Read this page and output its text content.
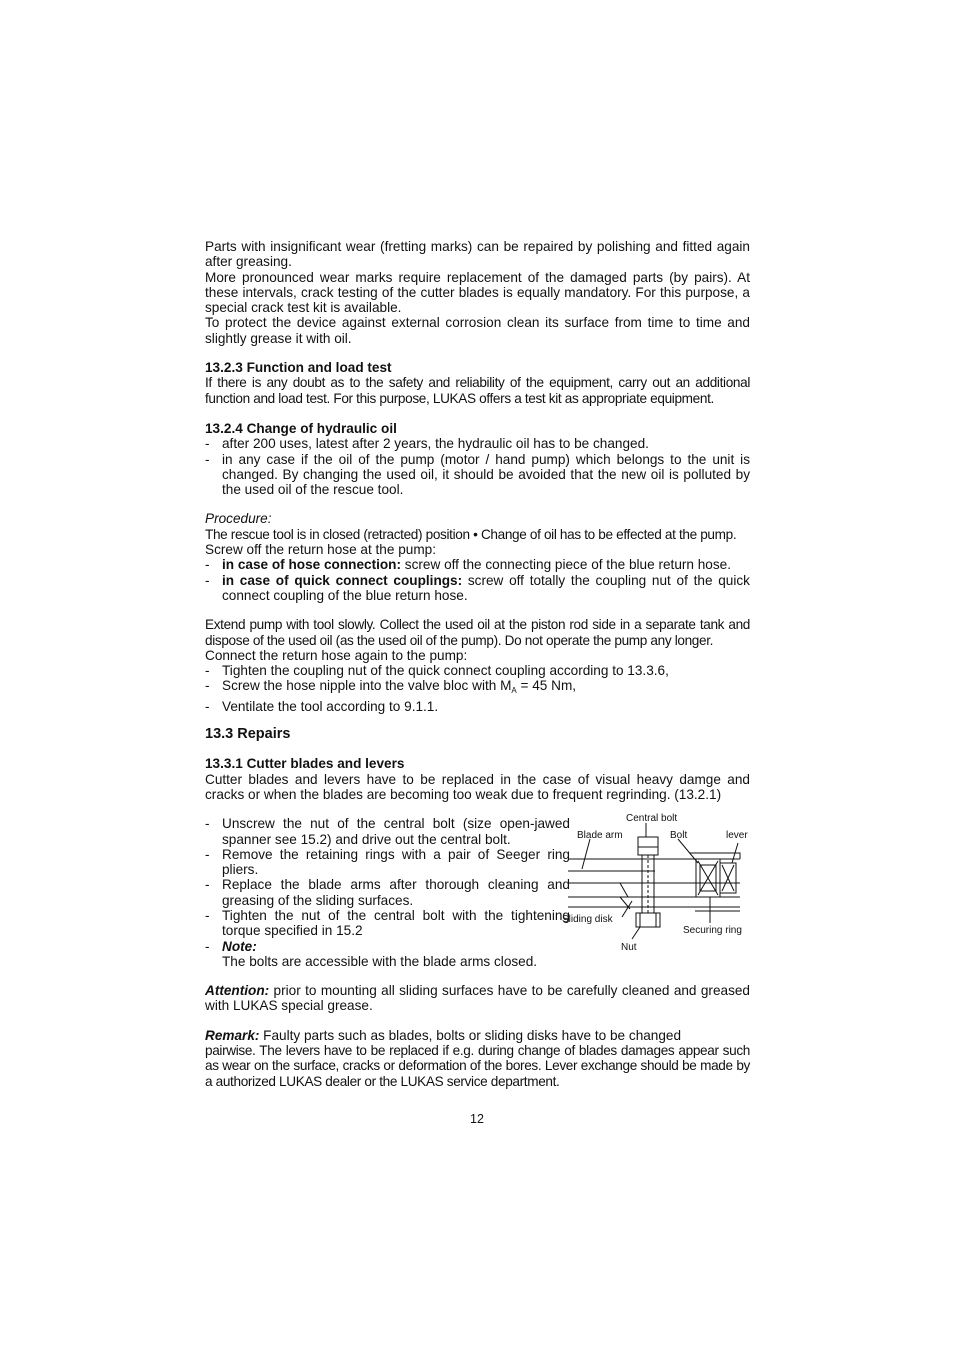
Parts with insignificant wear (fretting marks) can be repaired by polishing and fitted again after greasing.

More pronounced wear marks require replacement of the damaged parts (by pairs). At these intervals, crack testing of the cutter blades is equally mandatory. For this purpose, a special crack test kit is available.

To protect the device against external corrosion clean its surface from time to time and slightly grease it with oil.

13.2.3 Function and load test

If there is any doubt as to the safety and reliability of the equipment, carry out an additional function and load test. For this purpose, LUKAS offers a test kit as appropriate equipment.

13.2.4 Change of hydraulic oil
- after 200 uses, latest after 2 years, the hydraulic oil has to be changed.
- in any case if the oil of the pump (motor / hand pump) which belongs to the unit is changed. By changing the used oil, it should be avoided that the new oil is polluted by the used oil of the rescue tool.
Procedure:

The rescue tool is in closed (retracted) position • Change of oil has to be effected at the pump.

Screw off the return hose at the pump:

- in case of hose connection: screw off the connecting piece of the blue return hose.
- in case of quick connect couplings: screw off totally the coupling nut of the quick connect coupling of the blue return hose.

Extend pump with tool slowly. Collect the used oil at the piston rod side in a separate tank and dispose of the used oil (as the used oil of the pump). Do not operate the pump any longer.

Connect the return hose again to the pump:

- Tighten the coupling nut of the quick connect coupling according to 13.3.6,
- Screw the hose nipple into the valve bloc with $M_A = 45$ Nm,
- Ventilate the tool according to 9.1.1.
13.3 Repairs
13.3.1 Cutter blades and levers

Cutter blades and levers have to be replaced in the case of visual heavy damge and cracks or when the blades are becoming too weak due to frequent regrinding. (13.2.1)

- Unscrew the nut of the central bolt (size open-jawed spanner see 15.2) and drive out the central bolt.
- Remove the retaining rings with a pair of Seeger ring pliers.
- Replace the blade arms after thorough cleaning and greasing of the sliding surfaces.
- Tighten the nut of the central bolt with the tightening torque specified in 15.2
- Note:
The bolts are accessible with the blade arms closed.
Central bolt
Blade arm	Bolt	lever
Sliding disk
Securing ring
Nut

Attention: prior to mounting all sliding surfaces have to be carefully cleaned and greased with LUKAS special grease.

Remark: Faulty parts such as blades, bolts or sliding disks have to be changed
pairwise. The levers have to be replaced if e.g. during change of blades damages appear such as wear on the surface, cracks or deformation of the bores. Lever exchange should be made by a authorized LUKAS dealer or the LUKAS service department.

12
